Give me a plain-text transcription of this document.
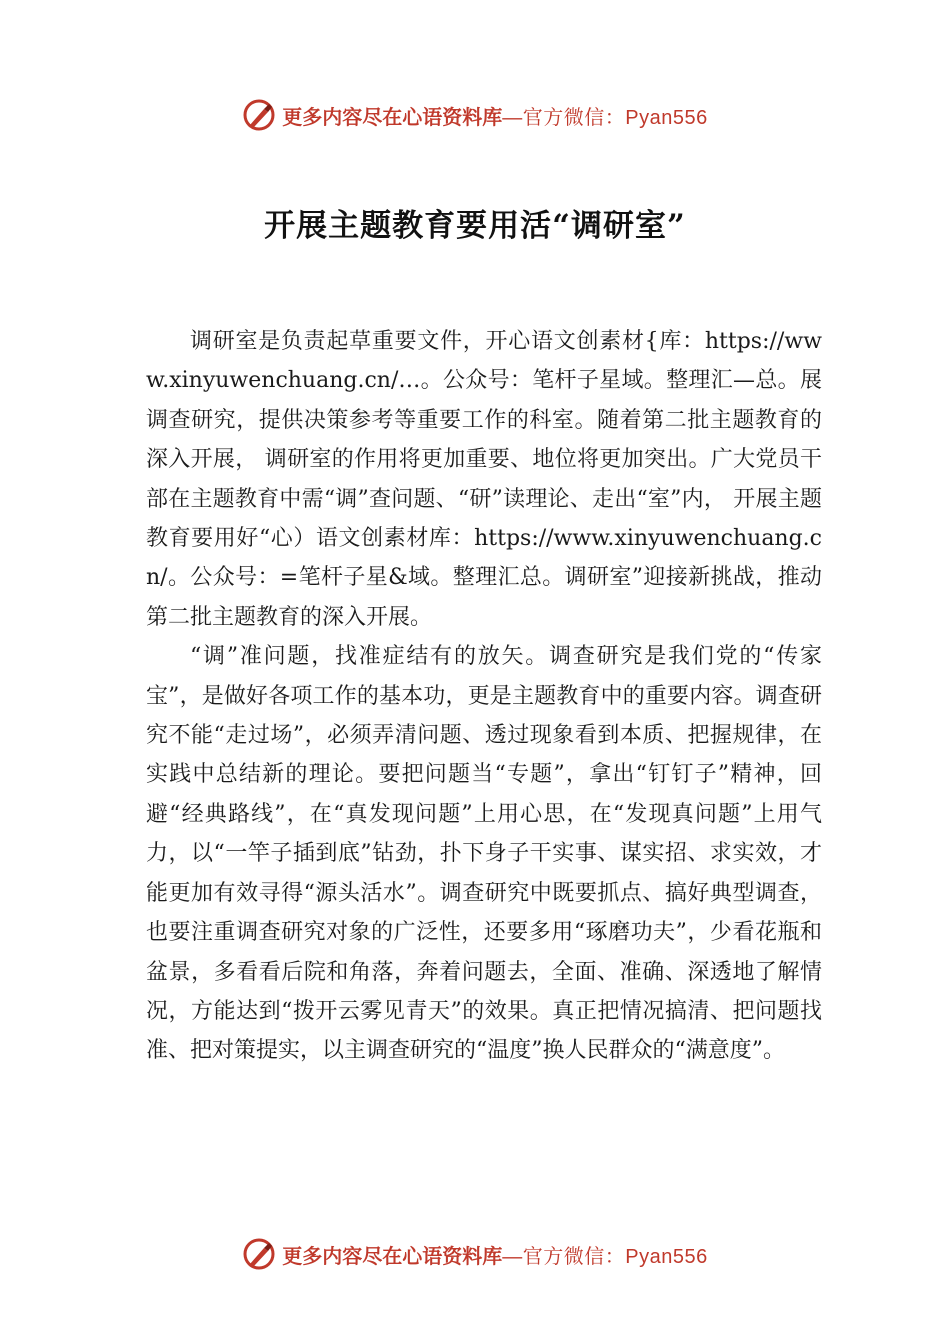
更多内容尽在心语资料库 —官方微信：Pyan556
开展主题教育要用活“调研室”

调研室是负责起草重要文件，开心语文创素材{库：https://www.xinyuwenchuang.cn/…。公众号：笔杆子星域。整理汇—总。展调查研究，提供决策参考等重要工作的科室。随着第二批主题教育的深入开展， 调研室的作用将更加重要、地位将更加突出。广大党员干部在主题教育中需“调”查问题、“研”读理论、走出“室”内， 开展主题教育要用好“心）语文创素材库：https://www.xinyuwenchuang.cn/。公众号：=笔杆子星&域。整理汇总。调研室”迎接新挑战，推动第二批主题教育的深入开展。

“调”准问题，找准症结有的放矢。调查研究是我们党的“传家宝”，是做好各项工作的基本功，更是主题教育中的重要内容。调查研究不能“走过场”，必须弄清问题、透过现象看到本质、把握规律，在实践中总结新的理论。要把问题当“专题”，拿出“钉钉子”精神，回避“经典路线”，在“真发现问题”上用心思，在“发现真问题”上用气力，以“一竿子插到底”钻劲，扑下身子干实事、谋实招、求实效，才能更加有效寻得“源头活水”。调查研究中既要抓点、搞好典型调查，也要注重调查研究对象的广泛性，还要多用“琢磨功夫”，少看花瓶和盆景，多看看后院和角落，奔着问题去，全面、准确、深透地了解情况，方能达到“拨开云雾见青天”的效果。真正把情况搞清、把问题找准、把对策提实，以主调查研究的“温度”换人民群众的“满意度”。

更多内容尽在心语资料库 —官方微信：Pyan556
